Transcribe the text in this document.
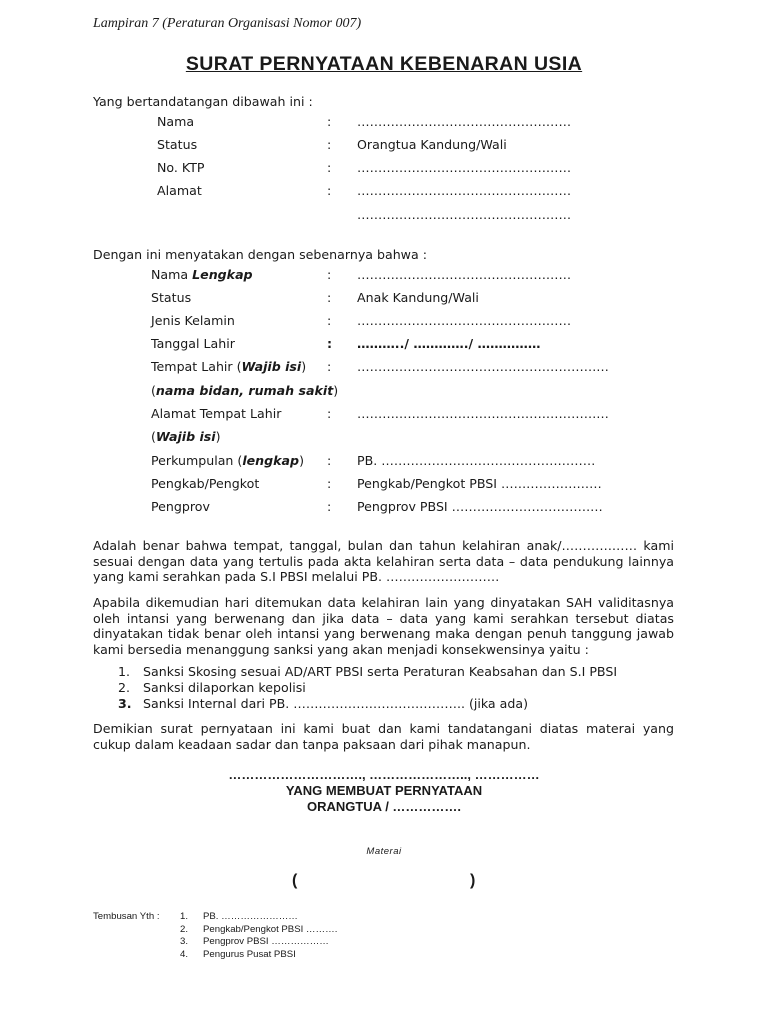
Lampiran 7 (Peraturan Organisasi Nomor 007)
SURAT PERNYATAAN KEBENARAN USIA
Yang bertandatangan dibawah ini :
Nama	: ……………………………………………
Status	: Orangtua Kandung/Wali
No. KTP	: ……………………………………………
Alamat	: ……………………………………………
……………………………………………
Dengan ini menyatakan dengan sebenarnya bahwa :
Nama Lengkap	: ……………………………………………
Status	: Anak Kandung/Wali
Jenis Kelamin	: ……………………………………………
Tanggal Lahir	: ………../ …………./ ……………
Tempat Lahir (Wajib isi) : ……………………………………………………
(nama bidan, rumah sakit)
Alamat Tempat Lahir	: ……………………………………………………
(Wajib isi)
Perkumpulan (lengkap) : PB. ……………………………………………
Pengkab/Pengkot	: Pengkab/Pengkot PBSI ……………………
Pengprov	: Pengprov PBSI ………………………………
Adalah benar bahwa tempat, tanggal, bulan dan tahun kelahiran anak/……………… kami sesuai dengan data yang tertulis pada akta kelahiran serta data – data pendukung lainnya yang kami serahkan pada S.I PBSI melalui PB. ………………………
Apabila dikemudian hari ditemukan data kelahiran lain yang dinyatakan SAH validitasnya oleh intansi yang berwenang dan jika data – data yang kami serahkan tersebut diatas dinyatakan tidak benar oleh intansi yang berwenang maka dengan penuh tanggung jawab kami bersedia menanggung sanksi yang akan menjadi konsekwensinya yaitu :
1. Sanksi Skosing sesuai AD/ART PBSI serta Peraturan Keabsahan dan S.I PBSI
2. Sanksi dilaporkan kepolisi
3. Sanksi Internal dari PB. ………………………………….. (jika ada)
Demikian surat pernyataan ini kami buat dan kami tandatangani diatas materai yang cukup dalam keadaan sadar dan tanpa paksaan dari pihak manapun.
…………………………., ………………….., ……………
YANG MEMBUAT PERNYATAAN
ORANGTUA / …………….
Materai
(	)
Tembusan Yth : 1. PB. ……………………
2. Pengkab/Pengkot PBSI ……….
3. Pengprov PBSI ………………
4. Pengurus Pusat PBSI
